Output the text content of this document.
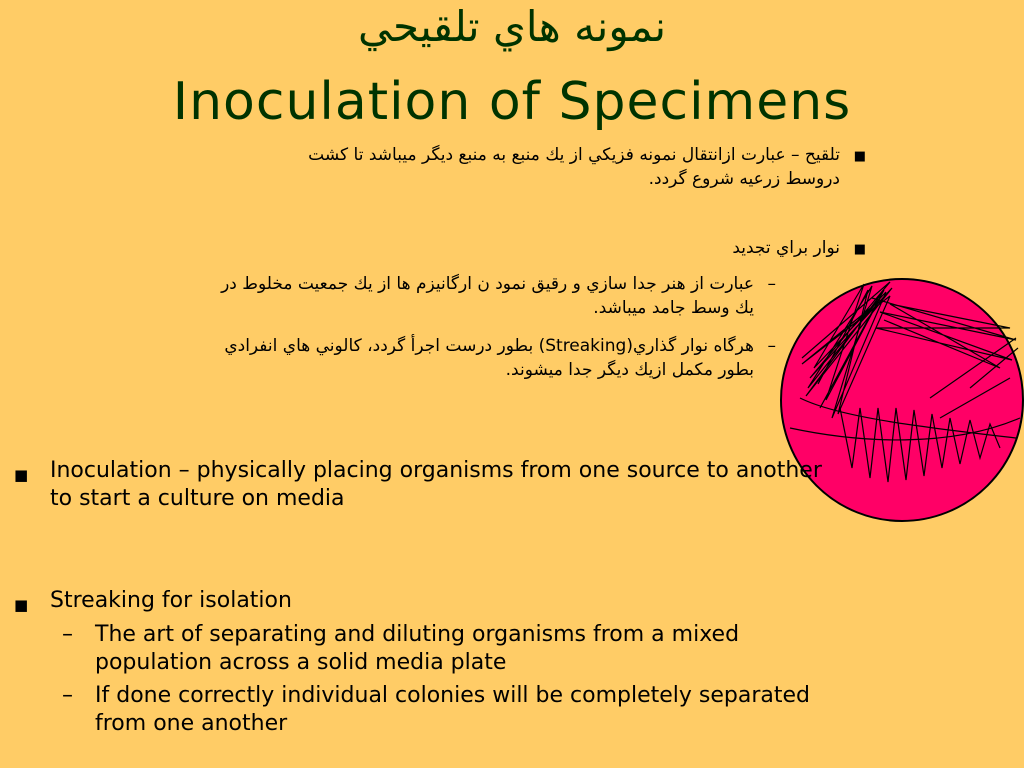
نمونه هاي تلقيحي
Inoculation of Specimens
■
تلقيح – عبارت ازانتقال نمونه فزيكي از يك منبع به منبع ديگر ميباشد تا كشت
دروسط زرعيه شروع گردد.
■
نوار براي تجديد
–
عبارت از هنر جدا سازي و رقيق نمود ن ارگانيزم ها از يك جمعيت مخلوط در
يك وسط جامد ميباشد.
–
هرگاه نوار گذاري(Streaking) بطور درست اجرأ گردد، كالوني هاي انفرادي
بطور مكمل ازيك ديگر جدا ميشوند.
■ Inoculation – physically placing organisms from one source to another to start a culture on media
■ Streaking for isolation
– The art of separating and diluting organisms from a mixed population across a solid media plate
– If done correctly individual colonies will be completely separated from one another
